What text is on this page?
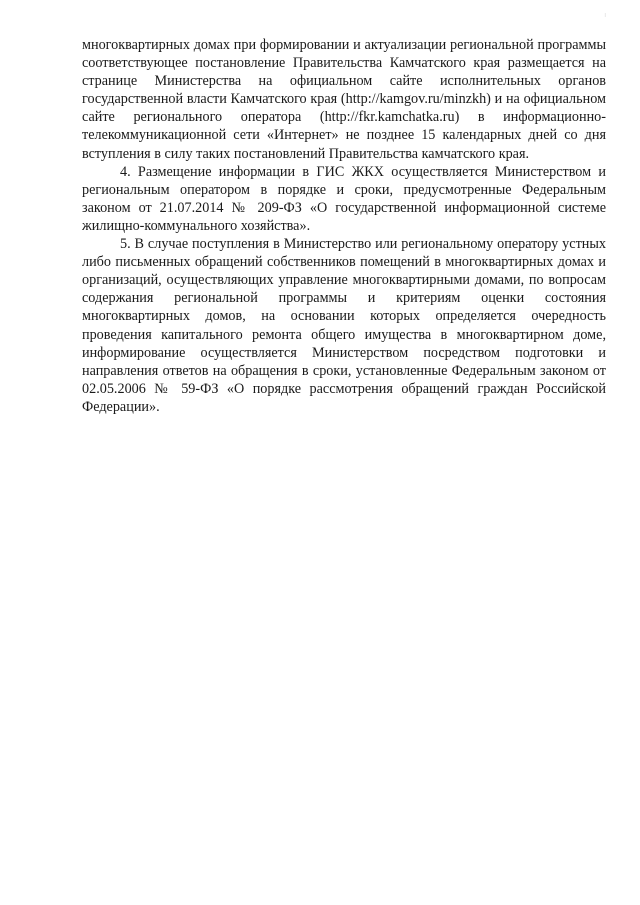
· ·

многоквартирных домах при формировании и актуализации региональной программы соответствующее постановление Правительства Камчатского края размещается на странице Министерства на официальном сайте исполнительных органов государственной власти Камчатского края (http://kamgov.ru/minzkh) и на официальном сайте регионального оператора (http://fkr.kamchatka.ru) в информационно-телекоммуникационной сети «Интернет» не позднее 15 календарных дней со дня вступления в силу таких постановлений Правительства камчатского края.

4. Размещение информации в ГИС ЖКХ осуществляется Министерством и региональным оператором в порядке и сроки, предусмотренные Федеральным законом от 21.07.2014 № 209-ФЗ «О государственной информационной системе жилищно-коммунального хозяйства».

5. В случае поступления в Министерство или региональному оператору устных либо письменных обращений собственников помещений в многоквартирных домах и организаций, осуществляющих управление многоквартирными домами, по вопросам содержания региональной программы и критериям оценки состояния многоквартирных домов, на основании которых определяется очередность проведения капитального ремонта общего имущества в многоквартирном доме, информирование осуществляется Министерством посредством подготовки и направления ответов на обращения в сроки, установленные Федеральным законом от 02.05.2006 № 59-ФЗ «О порядке рассмотрения обращений граждан Российской Федерации».
